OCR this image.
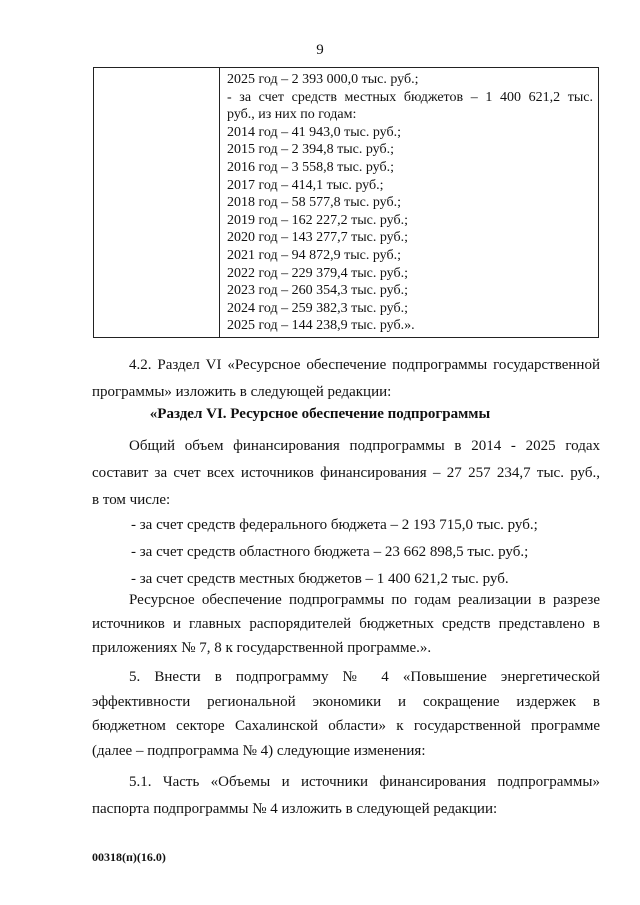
9
2025 год – 2 393 000,0 тыс. руб.;
- за счет средств местных бюджетов – 1 400 621,2 тыс.
руб., из них по годам:
2014 год – 41 943,0 тыс. руб.;
2015 год – 2 394,8 тыс. руб.;
2016 год – 3 558,8 тыс. руб.;
2017 год – 414,1 тыс. руб.;
2018 год – 58 577,8 тыс. руб.;
2019 год – 162 227,2 тыс. руб.;
2020 год – 143 277,7 тыс. руб.;
2021 год – 94 872,9 тыс. руб.;
2022 год – 229 379,4 тыс. руб.;
2023 год – 260 354,3 тыс. руб.;
2024 год – 259 382,3 тыс. руб.;
2025 год – 144 238,9 тыс. руб.».
4.2. Раздел VI «Ресурсное обеспечение подпрограммы государственной
программы» изложить в следующей редакции:
«Раздел VI. Ресурсное обеспечение подпрограммы
Общий объем финансирования подпрограммы в 2014 - 2025 годах
составит за счет всех источников финансирования – 27 257 234,7 тыс. руб.,
в том числе:
- за счет средств федерального бюджета – 2 193 715,0 тыс. руб.;
- за счет средств областного бюджета – 23 662 898,5 тыс. руб.;
- за счет средств местных бюджетов – 1 400 621,2 тыс. руб.
Ресурсное обеспечение подпрограммы по годам реализации в разрезе
источников и главных распорядителей бюджетных средств представлено в
приложениях № 7, 8 к государственной программе.».
5. Внести в подпрограмму № 4 «Повышение энергетической
эффективности региональной экономики и сокращение издержек в
бюджетном секторе Сахалинской области» к государственной программе
(далее – подпрограмма № 4) следующие изменения:
5.1. Часть «Объемы и источники финансирования подпрограммы»
паспорта подпрограммы № 4 изложить в следующей редакции:
00318(п)(16.0)
